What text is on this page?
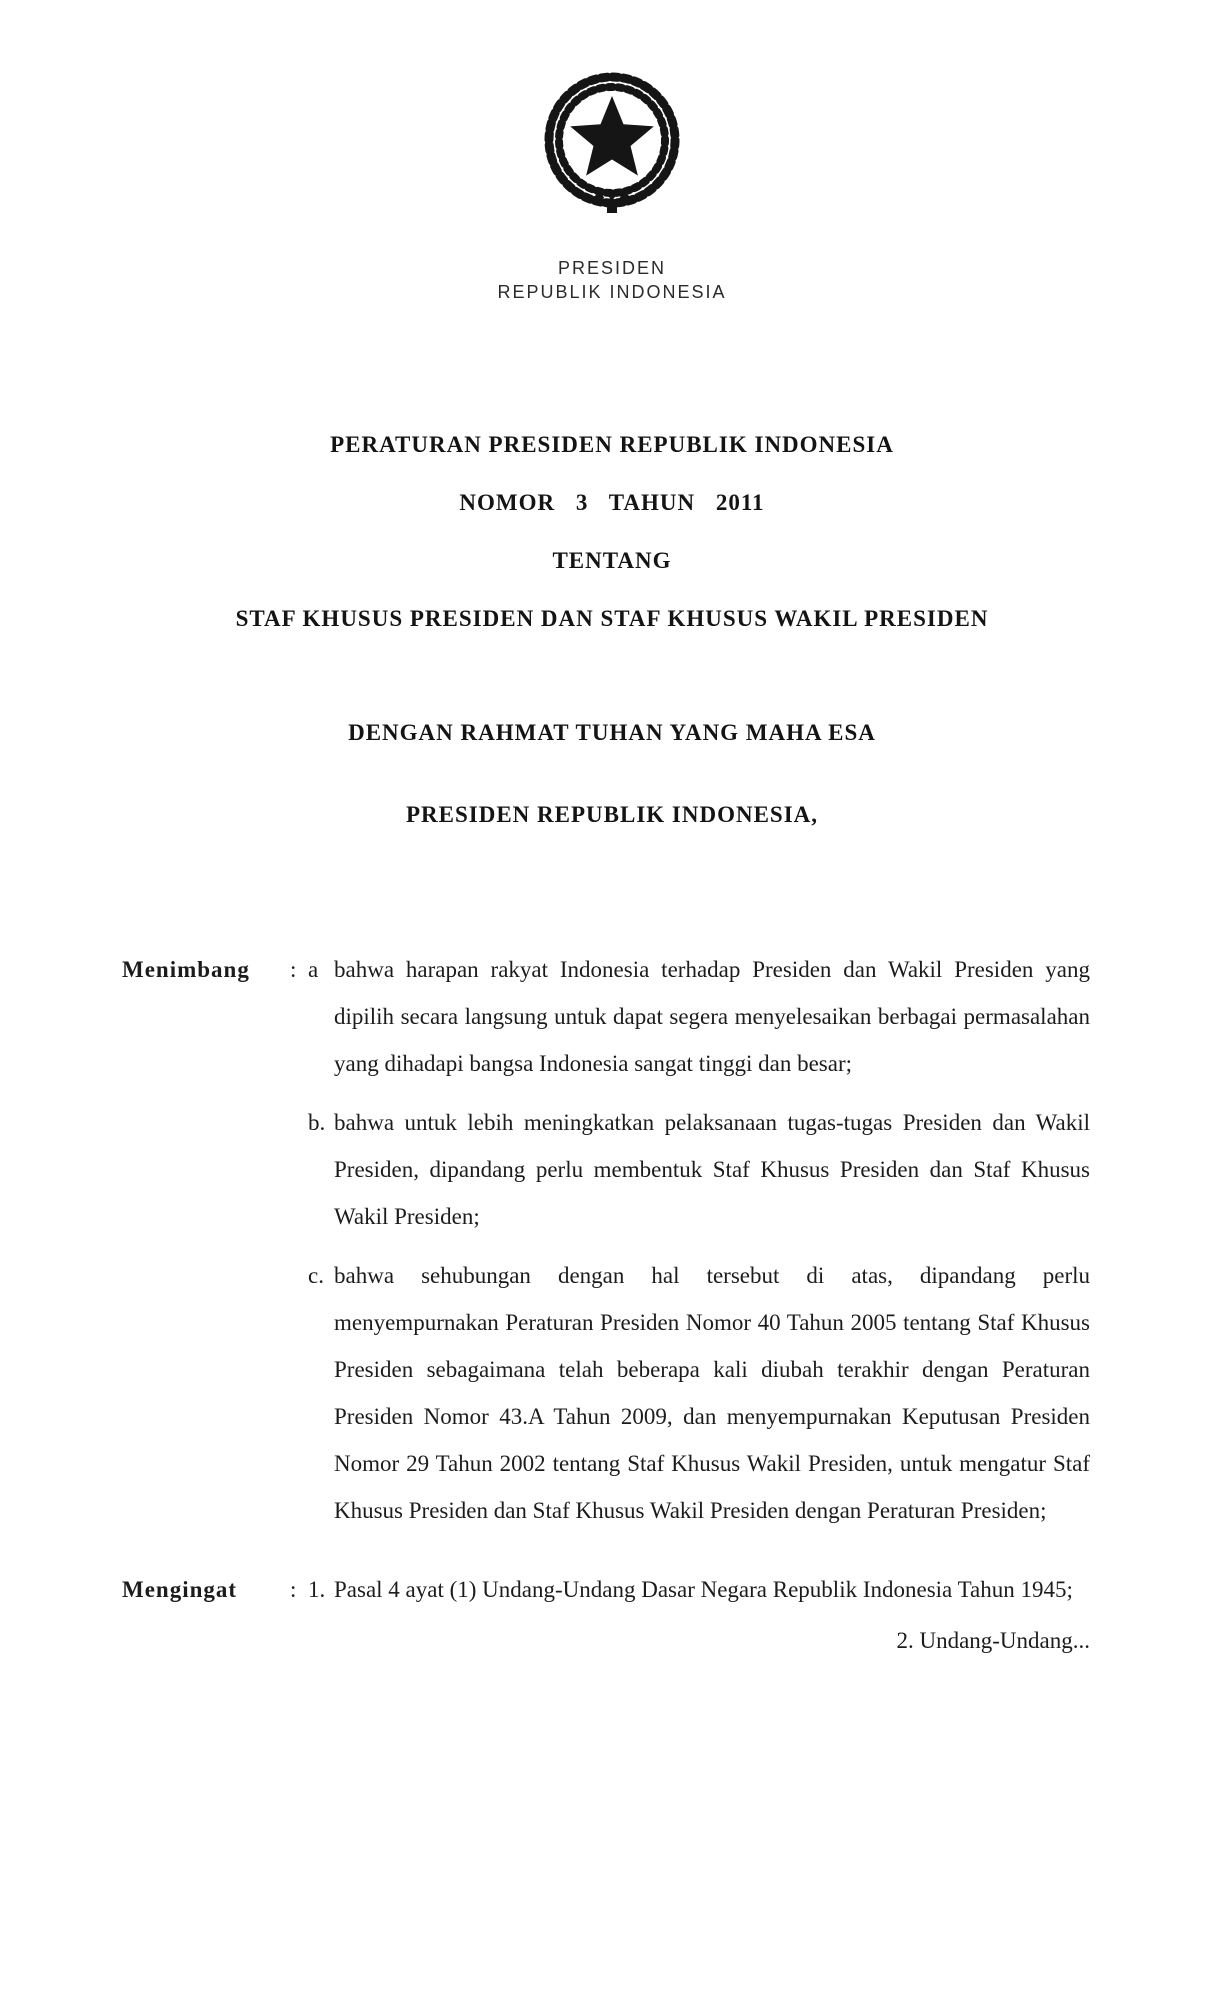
PRESIDEN
REPUBLIK INDONESIA

PERATURAN PRESIDEN REPUBLIK INDONESIA

NOMOR 3 TAHUN 2011

TENTANG

STAF KHUSUS PRESIDEN DAN STAF KHUSUS WAKIL PRESIDEN

DENGAN RAHMAT TUHAN YANG MAHA ESA

PRESIDEN REPUBLIK INDONESIA,

Menimbang : a bahwa harapan rakyat Indonesia terhadap Presiden dan Wakil Presiden yang dipilih secara langsung untuk dapat segera menyelesaikan berbagai permasalahan yang dihadapi bangsa Indonesia sangat tinggi dan besar;

b. bahwa untuk lebih meningkatkan pelaksanaan tugas-tugas Presiden dan Wakil Presiden, dipandang perlu membentuk Staf Khusus Presiden dan Staf Khusus Wakil Presiden;

c. bahwa sehubungan dengan hal tersebut di atas, dipandang perlu menyempurnakan Peraturan Presiden Nomor 40 Tahun 2005 tentang Staf Khusus Presiden sebagaimana telah beberapa kali diubah terakhir dengan Peraturan Presiden Nomor 43.A Tahun 2009, dan menyempurnakan Keputusan Presiden Nomor 29 Tahun 2002 tentang Staf Khusus Wakil Presiden, untuk mengatur Staf Khusus Presiden dan Staf Khusus Wakil Presiden dengan Peraturan Presiden;

Mengingat : 1. Pasal 4 ayat (1) Undang-Undang Dasar Negara Republik Indonesia Tahun 1945;

2. Undang-Undang...
